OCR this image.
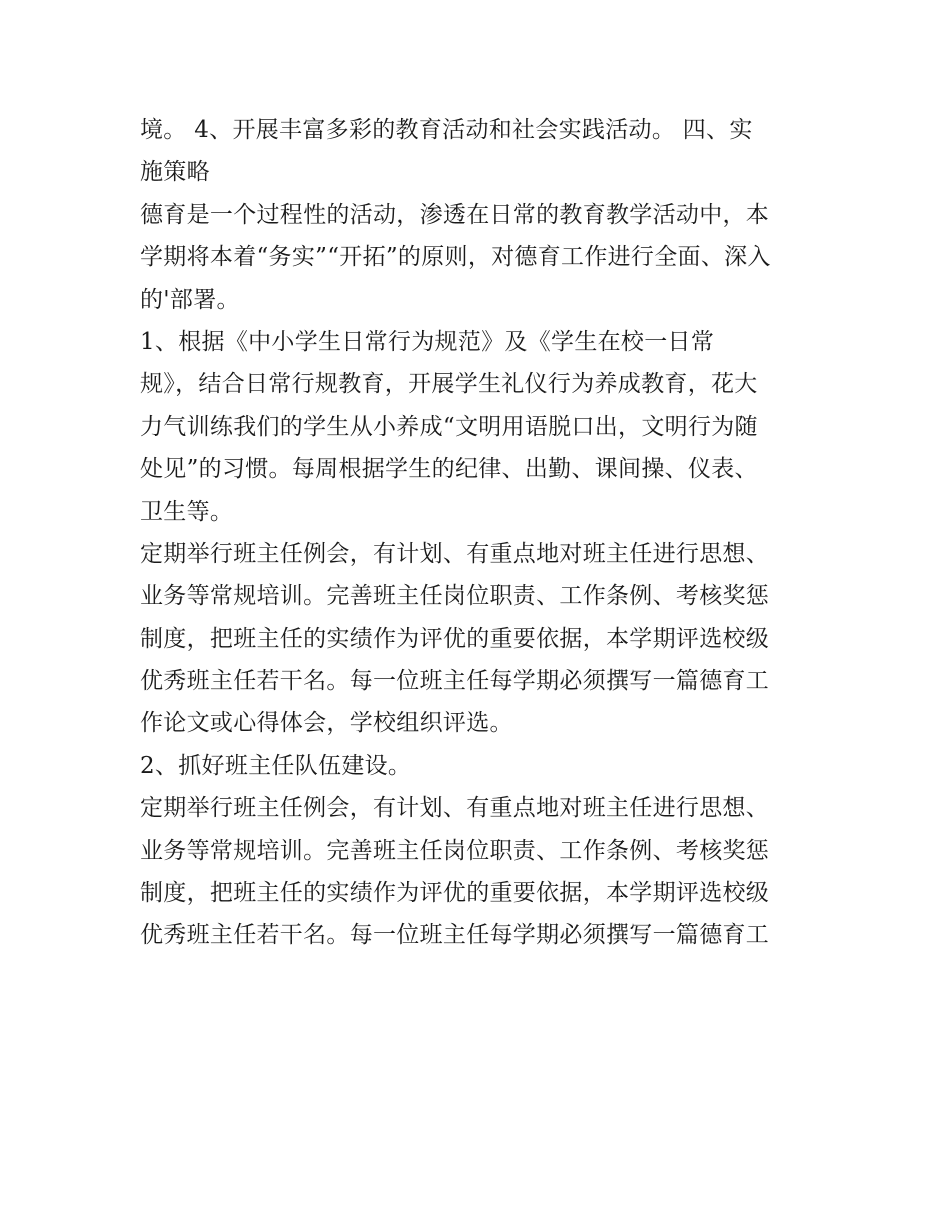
境。 4、开展丰富多彩的教育活动和社会实践活动。 四、实
施策略
德育是一个过程性的活动，渗透在日常的教育教学活动中，本
学期将本着“务实”“开拓”的原则，对德育工作进行全面、深入
的'部署。
1、根据《中小学生日常行为规范》及《学生在校一日常
规》，结合日常行规教育，开展学生礼仪行为养成教育，花大
力气训练我们的学生从小养成“文明用语脱口出，文明行为随
处见”的习惯。每周根据学生的纪律、出勤、课间操、仪表、
卫生等。
定期举行班主任例会，有计划、有重点地对班主任进行思想、
业务等常规培训。完善班主任岗位职责、工作条例、考核奖惩
制度，把班主任的实绩作为评优的重要依据，本学期评选校级
优秀班主任若干名。每一位班主任每学期必须撰写一篇德育工
作论文或心得体会，学校组织评选。
2、抓好班主任队伍建设。
定期举行班主任例会，有计划、有重点地对班主任进行思想、
业务等常规培训。完善班主任岗位职责、工作条例、考核奖惩
制度，把班主任的实绩作为评优的重要依据，本学期评选校级
优秀班主任若干名。每一位班主任每学期必须撰写一篇德育工
